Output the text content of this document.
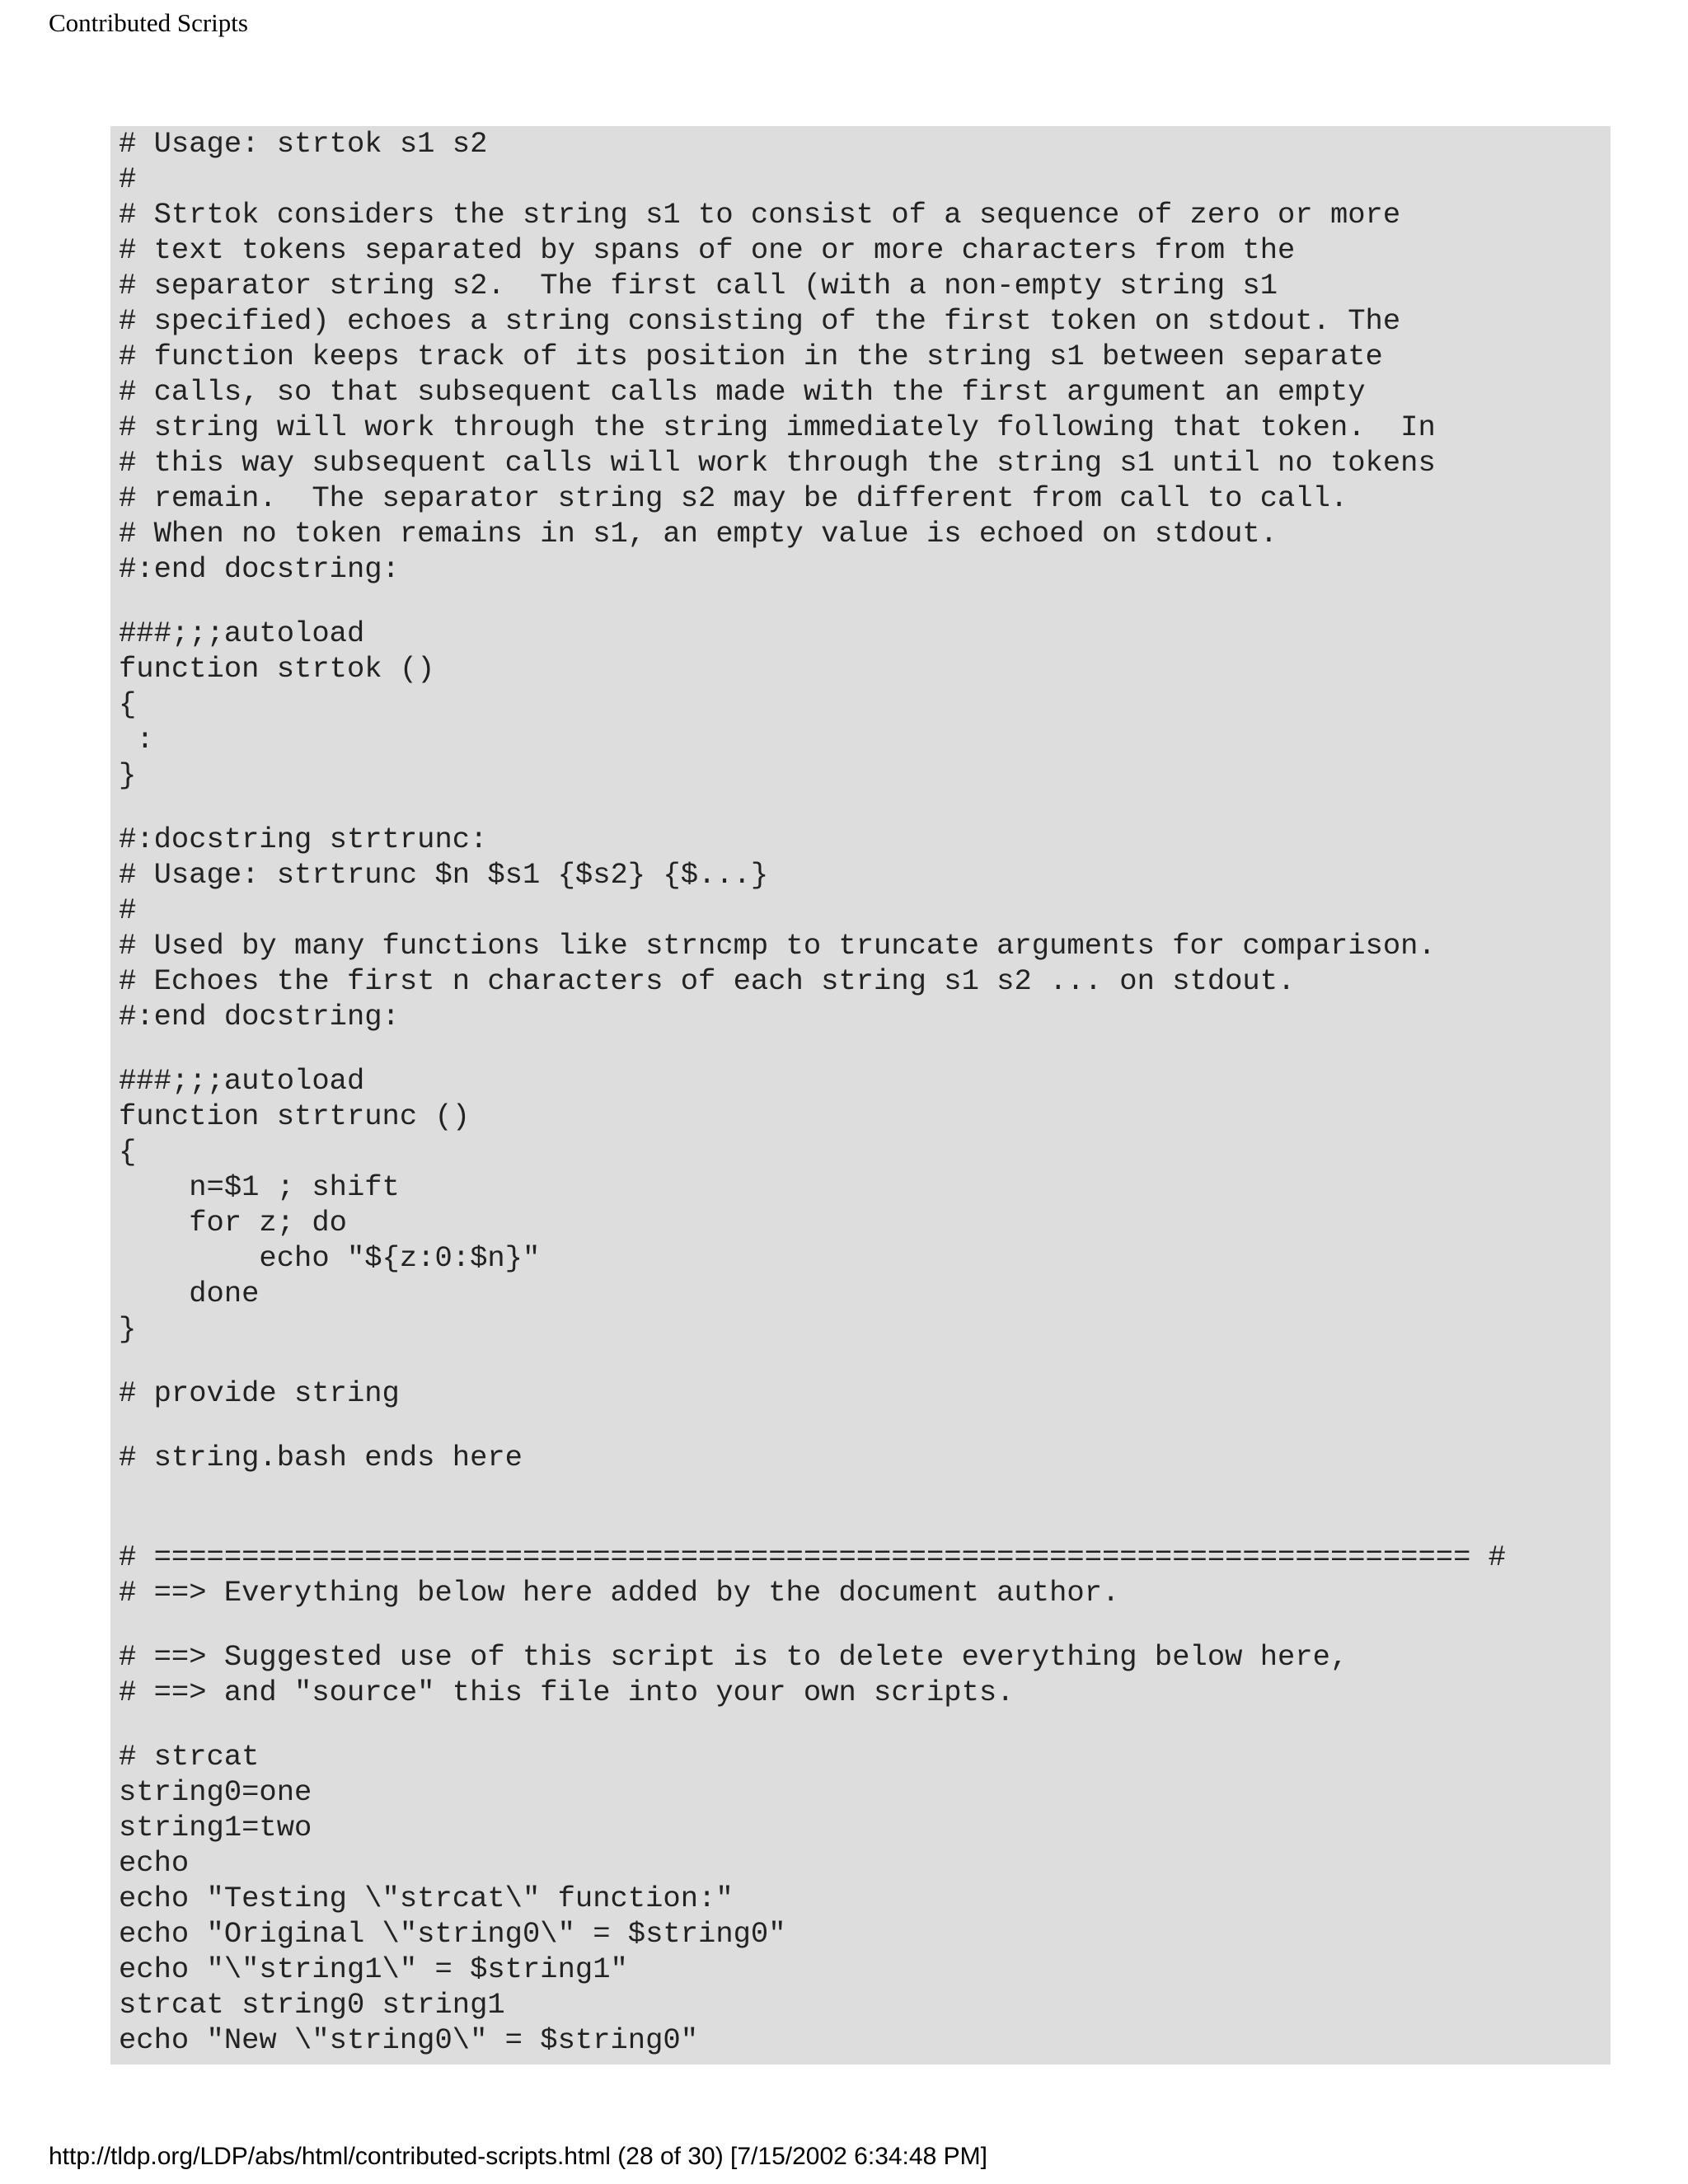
Contributed Scripts
# Usage: strtok s1 s2
#
# Strtok considers the string s1 to consist of a sequence of zero or more
# text tokens separated by spans of one or more characters from the
# separator string s2.  The first call (with a non-empty string s1
# specified) echoes a string consisting of the first token on stdout. The
# function keeps track of its position in the string s1 between separate
# calls, so that subsequent calls made with the first argument an empty
# string will work through the string immediately following that token.  In
# this way subsequent calls will work through the string s1 until no tokens
# remain.  The separator string s2 may be different from call to call.
# When no token remains in s1, an empty value is echoed on stdout.
#:end docstring:
###;;;autoload
function strtok ()
{
:
}
#:docstring strtrunc:
# Usage: strtrunc $n $s1 {$s2} {$...}
#
# Used by many functions like strncmp to truncate arguments for comparison.
# Echoes the first n characters of each string s1 s2 ... on stdout.
#:end docstring:
###;;;autoload
function strtrunc ()
{
n=$1 ; shift
for z; do
echo "${z:0:$n}"
done
}
# provide string
# string.bash ends here
# =========================================================================== #
# ==> Everything below here added by the document author.
# ==> Suggested use of this script is to delete everything below here,
# ==> and "source" this file into your own scripts.
# strcat
string0=one
string1=two
echo
echo "Testing \"strcat\" function:"
echo "Original \"string0\" = $string0"
echo "\"string1\" = $string1"
strcat string0 string1
echo "New \"string0\" = $string0"
http://tldp.org/LDP/abs/html/contributed-scripts.html (28 of 30) [7/15/2002 6:34:48 PM]
